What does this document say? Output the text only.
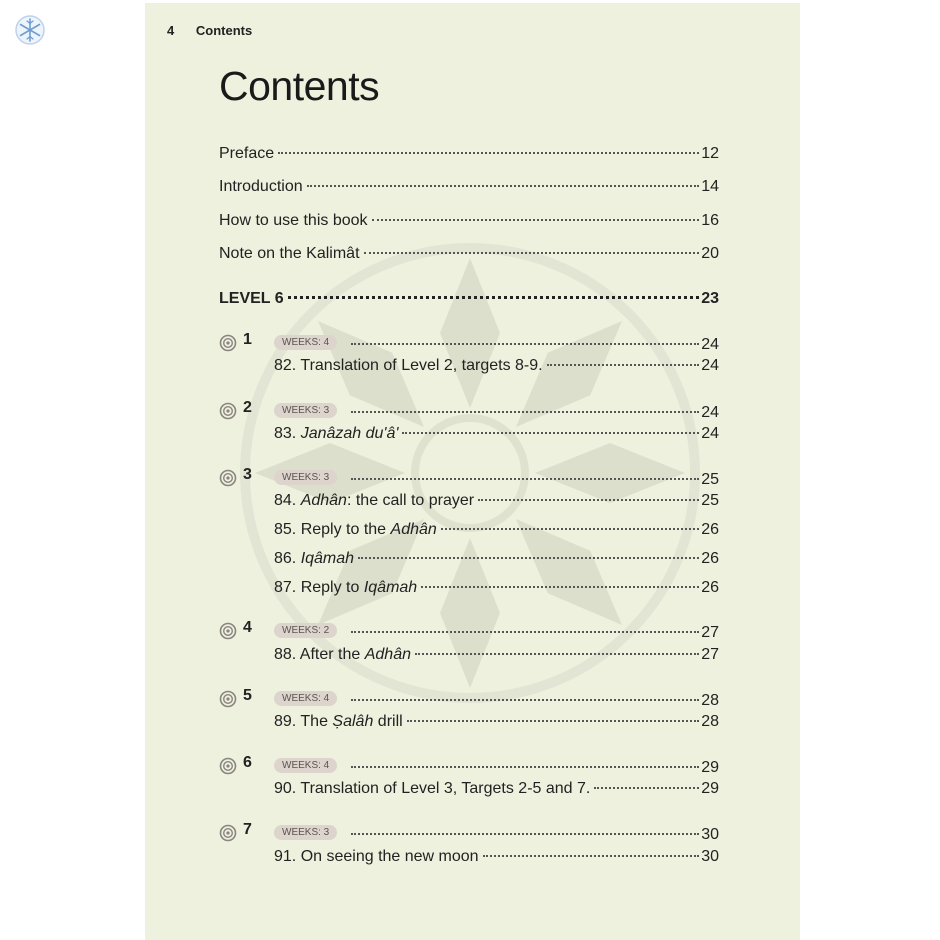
4 Contents
Contents
Preface	12
Introduction	14
How to use this book	16
Note on the Kalimât	20
LEVEL 6	23
1	WEEKS: 4	24
82. Translation of Level 2, targets 8-9.	24
2	WEEKS: 3	24
83. Janâzah du'â'	24
3	WEEKS: 3	25
84. Adhân: the call to prayer	25
85. Reply to the Adhân	26
86. Iqâmah	26
87. Reply to Iqâmah	26
4	WEEKS: 2	27
88. After the Adhân	27
5	WEEKS: 4	28
89. The Ṣalâh drill	28
6	WEEKS: 4	29
90. Translation of Level 3, Targets 2-5 and 7.	29
7	WEEKS: 3	30
91. On seeing the new moon	30
